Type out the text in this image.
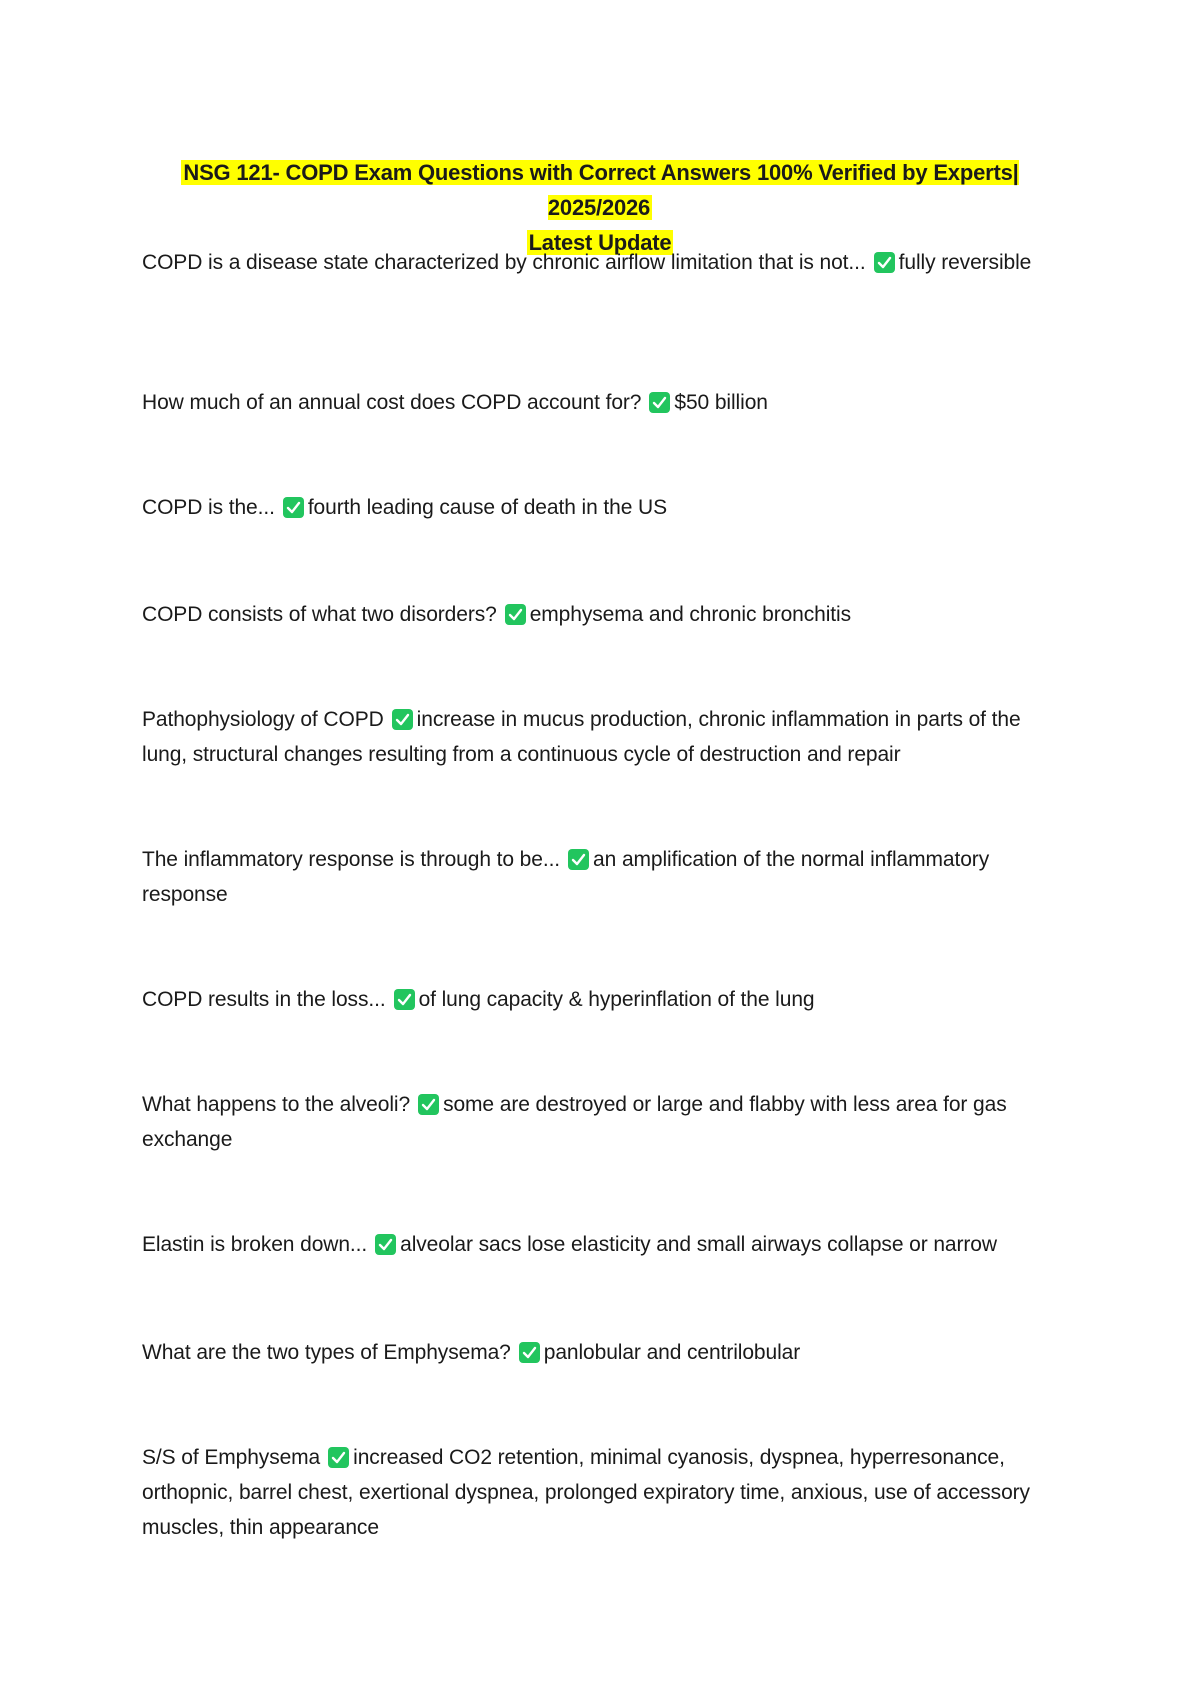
NSG 121- COPD Exam Questions with Correct Answers 100% Verified by Experts| 2025/2026
Latest Update
COPD is a disease state characterized by chronic airflow limitation that is not... fully reversible
How much of an annual cost does COPD account for? $50 billion
COPD is the... fourth leading cause of death in the US
COPD consists of what two disorders? emphysema and chronic bronchitis
Pathophysiology of COPD increase in mucus production, chronic inflammation in parts of the lung, structural changes resulting from a continuous cycle of destruction and repair
The inflammatory response is through to be... an amplification of the normal inflammatory response
COPD results in the loss... of lung capacity & hyperinflation of the lung
What happens to the alveoli? some are destroyed or large and flabby with less area for gas exchange
Elastin is broken down... alveolar sacs lose elasticity and small airways collapse or narrow
What are the two types of Emphysema? panlobular and centrilobular
S/S of Emphysema increased CO2 retention, minimal cyanosis, dyspnea, hyperresonance, orthopnic, barrel chest, exertional dyspnea, prolonged expiratory time, anxious, use of accessory muscles, thin appearance
